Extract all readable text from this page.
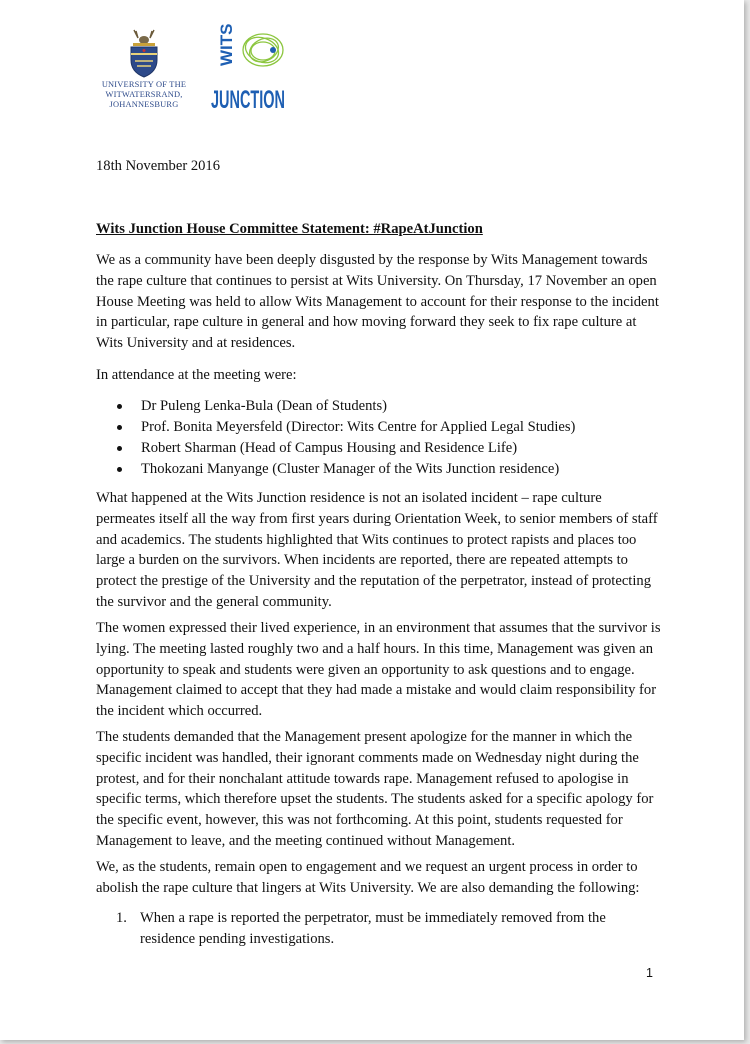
UNIVERSITY OF THE
WITWATERSRAND,
JOHANNESBURG
WITS
JUNCTION
18th November 2016
Wits Junction House Committee Statement: #RapeAtJunction

We as a community have been deeply disgusted by the response by Wits Management towards the rape culture that continues to persist at Wits University. On Thursday, 17 November an open House Meeting was held to allow Wits Management to account for their response to the incident in particular, rape culture in general and how moving forward they seek to fix rape culture at Wits University and at residences.

In attendance at the meeting were:

Dr Puleng Lenka-Bula (Dean of Students)
Prof. Bonita Meyersfeld (Director: Wits Centre for Applied Legal Studies)
Robert Sharman (Head of Campus Housing and Residence Life)
Thokozani Manyange (Cluster Manager of the Wits Junction residence)

What happened at the Wits Junction residence is not an isolated incident – rape culture permeates itself all the way from first years during Orientation Week, to senior members of staff and academics. The students highlighted that Wits continues to protect rapists and places too large a burden on the survivors. When incidents are reported, there are repeated attempts to protect the prestige of the University and the reputation of the perpetrator, instead of protecting the survivor and the general community.

The women expressed their lived experience, in an environment that assumes that the survivor is lying. The meeting lasted roughly two and a half hours. In this time, Management was given an opportunity to speak and students were given an opportunity to ask questions and to engage. Management claimed to accept that they had made a mistake and would claim responsibility for the incident which occurred.

The students demanded that the Management present apologize for the manner in which the specific incident was handled, their ignorant comments made on Wednesday night during the protest, and for their nonchalant attitude towards rape. Management refused to apologise in specific terms, which therefore upset the students. The students asked for a specific apology for the specific event, however, this was not forthcoming. At this point, students requested for Management to leave, and the meeting continued without Management.

We, as the students, remain open to engagement and we request an urgent process in order to abolish the rape culture that lingers at Wits University. We are also demanding the following:

1. When a rape is reported the perpetrator, must be immediately removed from the residence pending investigations.
1
